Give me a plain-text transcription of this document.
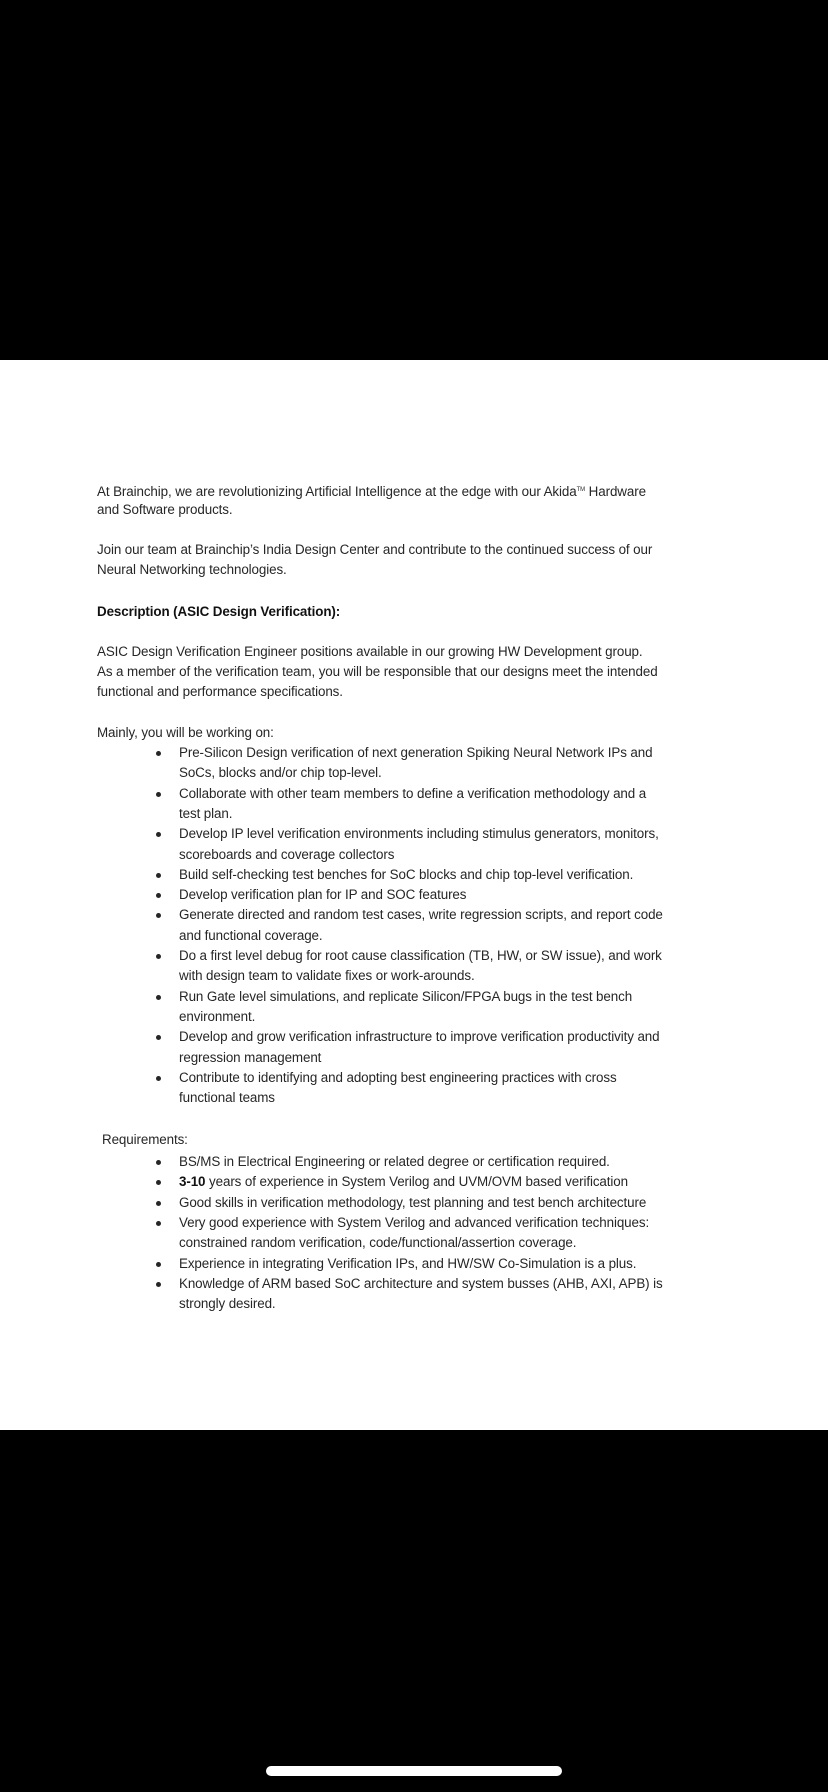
At Brainchip, we are revolutionizing Artificial Intelligence at the edge with our Akida™ Hardware
and Software products.
Join our team at Brainchip’s India Design Center and contribute to the continued success of our
Neural Networking technologies.
Description (ASIC Design Verification):
ASIC Design Verification Engineer positions available in our growing HW Development group.
As a member of the verification team, you will be responsible that our designs meet the intended
functional and performance specifications.
Mainly, you will be working on:
Requirements:
Pre-Silicon Design verification of next generation Spiking Neural Network IPs and
SoCs, blocks and/or chip top-level.
Collaborate with other team members to define a verification methodology and a
test plan.
Develop IP level verification environments including stimulus generators, monitors,
scoreboards and coverage collectors
Build self-checking test benches for SoC blocks and chip top-level verification.
Develop verification plan for IP and SOC features
Generate directed and random test cases, write regression scripts, and report code
and functional coverage.
Do a first level debug for root cause classification (TB, HW, or SW issue), and work
with design team to validate fixes or work-arounds.
Run Gate level simulations, and replicate Silicon/FPGA bugs in the test bench
environment.
Develop and grow verification infrastructure to improve verification productivity and
regression management
Contribute to identifying and adopting best engineering practices with cross
functional teams
BS/MS in Electrical Engineering or related degree or certification required.
3-10 years of experience in System Verilog and UVM/OVM based verification
Good skills in verification methodology, test planning and test bench architecture
Very good experience with System Verilog and advanced verification techniques:
constrained random verification, code/functional/assertion coverage.
Experience in integrating Verification IPs, and HW/SW Co-Simulation is a plus.
Knowledge of ARM based SoC architecture and system busses (AHB, AXI, APB) is
strongly desired.
